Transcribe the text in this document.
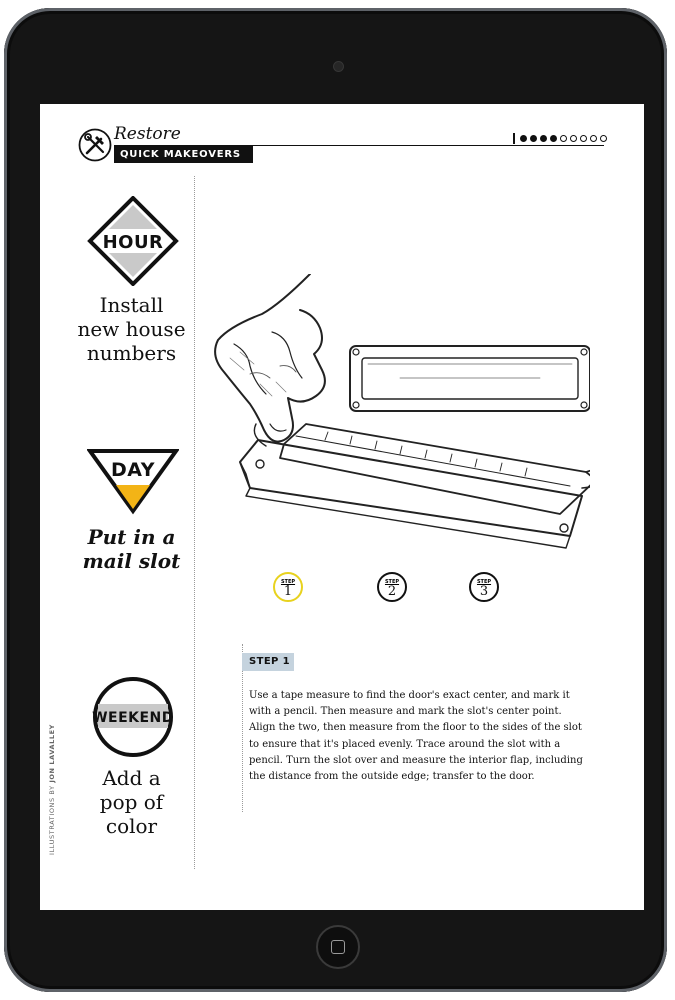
Restore
QUICK MAKEOVERS
HOUR
Install
new house
numbers
DAY
Put in a
mail slot
WEEKEND
Add a
pop of
color
ILLUSTRATIONS BY JON LAVALLEY
STEP
1
STEP
2
STEP
3
STEP 1
Use a tape measure to find the door's exact center, and mark it with a pencil. Then measure and mark the slot's center point. Align the two, then measure from the floor to the sides of the slot to ensure that it's placed evenly. Trace around the slot with a pencil. Turn the slot over and measure the interior flap, including the distance from the outside edge; transfer to the door.
